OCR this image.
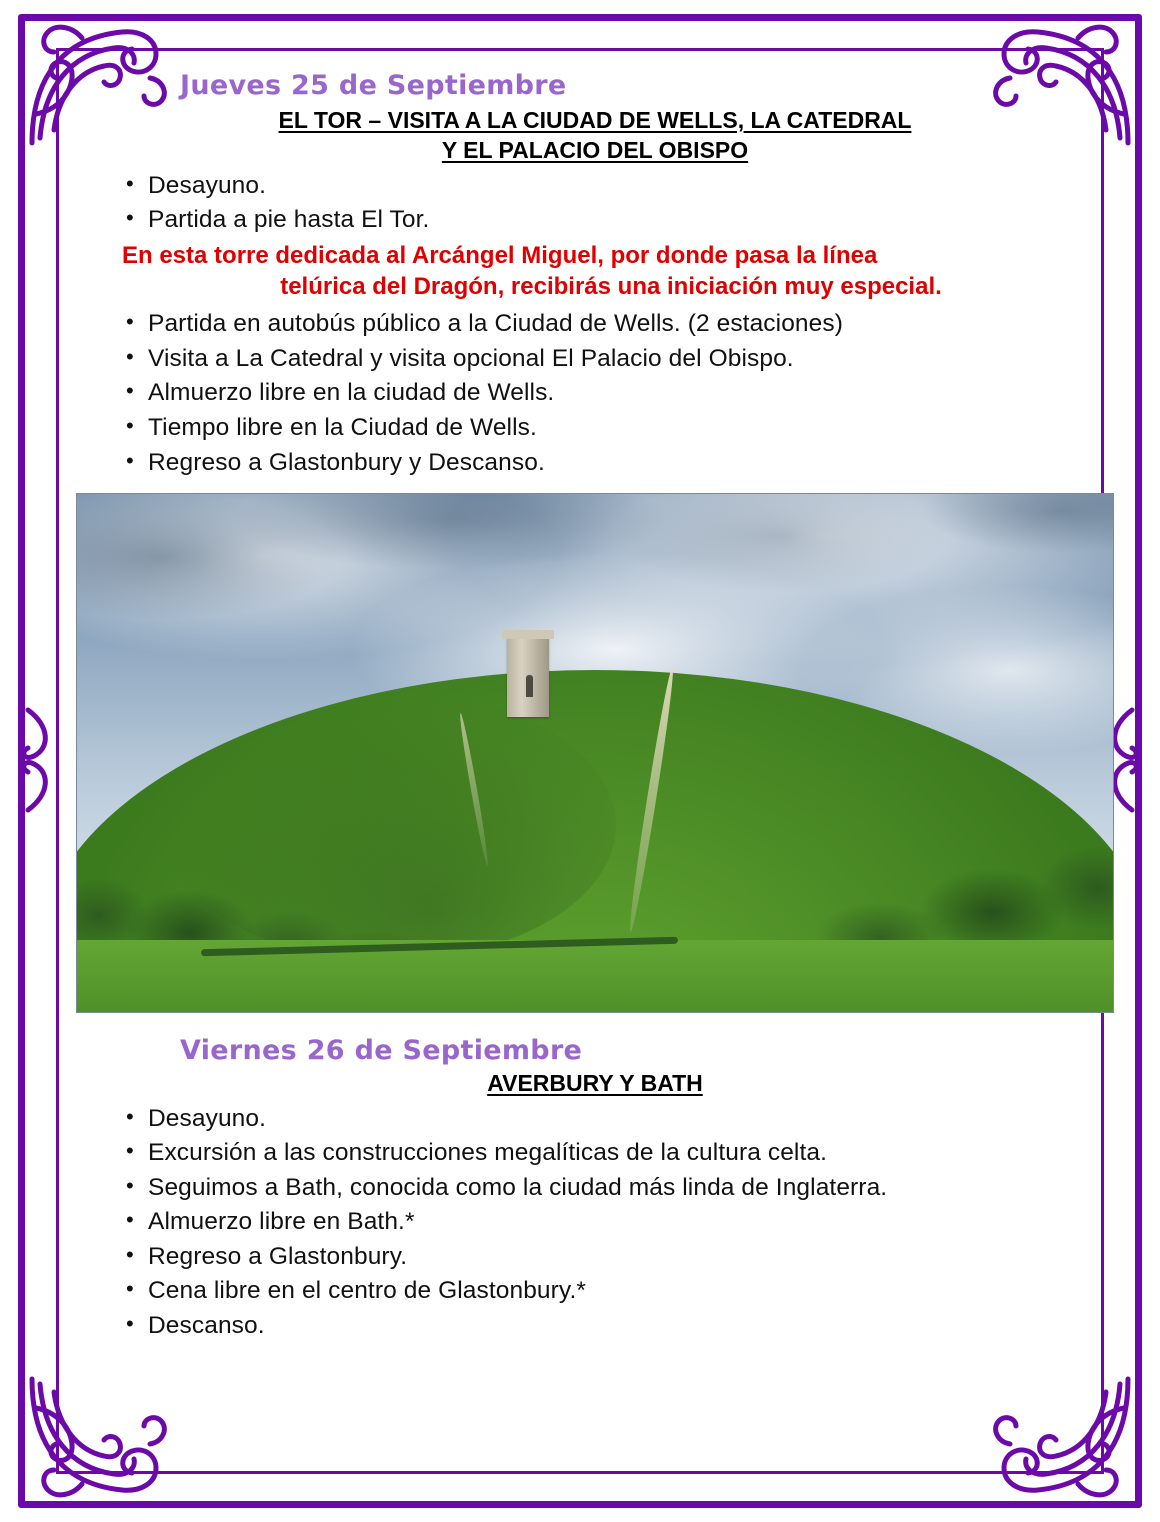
Jueves 25 de Septiembre
EL TOR – VISITA A LA CIUDAD DE WELLS, LA CATEDRAL
Y EL PALACIO DEL OBISPO
• Desayuno.
• Partida a pie hasta El Tor.
En esta torre dedicada al Arcángel Miguel, por donde pasa la línea
telúrica del Dragón, recibirás una iniciación muy especial.
• Partida en autobús público a la Ciudad de Wells. (2 estaciones)
• Visita a La Catedral y visita opcional El Palacio del Obispo.
• Almuerzo libre en la ciudad de Wells.
• Tiempo libre en la Ciudad de Wells.
• Regreso a Glastonbury y Descanso.
Viernes 26 de Septiembre
AVERBURY Y BATH
• Desayuno.
• Excursión a las construcciones megalíticas de la cultura celta.
• Seguimos a Bath, conocida como la ciudad más linda de Inglaterra.
• Almuerzo libre en Bath.*
• Regreso a Glastonbury.
• Cena libre en el centro de Glastonbury.*
• Descanso.
